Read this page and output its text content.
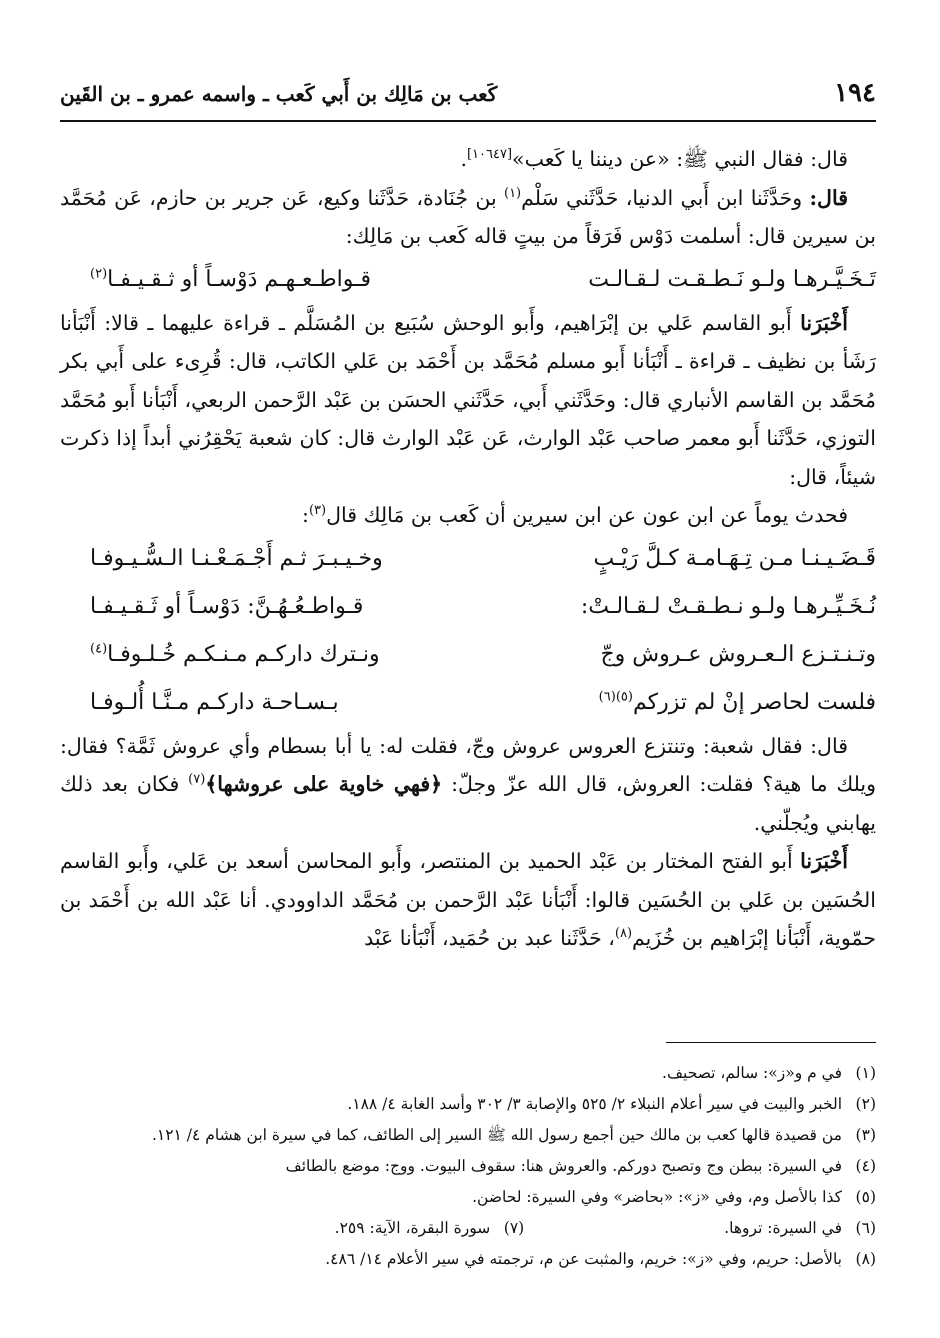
١٩٤
كَعب بن مَالِك بن أَبي كَعب ـ واسمه عمرو ـ بن القَين

قال: فقال النبي ﷺ: «عن ديننا يا كَعب»[١٠٦٤٧].

قال: وحَدَّثَنا ابن أَبي الدنيا، حَدَّثَني سَلْم$^{(١)}$ بن جُنَادة، حَدَّثَنا وكيع، عَن جرير بن حازم، عَن مُحَمَّد بن سيرين قال: أسلمت دَوْس فَرَقاً من بيتٍ قاله كَعب بن مَالِك:

تَـخَـيَّـرهـا ولـو نَـطـقـت لـقـالـت
قـواطـعـهـم دَوْسـاً أو ثـقـيـفـا$^{(٢)}$

أَخْبَرَنا أَبو القاسم عَلي بن إبْرَاهيم، وأَبو الوحش سُبَيع بن المُسَلَّم ـ قراءة عليهما ـ قالا: أَنْبَأنا رَشَأ بن نظيف ـ قراءة ـ أَنْبَأنا أَبو مسلم مُحَمَّد بن أَحْمَد بن عَلي الكاتب، قال: قُرِىء على أَبي بكر مُحَمَّد بن القاسم الأنباري قال: وحَدَّثَني أَبي، حَدَّثَني الحسَن بن عَبْد الرَّحمن الربعي، أَنْبَأنا أَبو مُحَمَّد التوزي، حَدَّثَنا أَبو معمر صاحب عَبْد الوارث، عَن عَبْد الوارث قال: كان شعبة يَحْقِرُني أبداً إذا ذكرت شيئاً، قال:

فحدث يوماً عن ابن عون عن ابن سيرين أن كَعب بن مَالِك قال$^{(٣)}$:

قَـضَـيـنـا مـن تِـهَـامـة كـلَّ رَيْـبٍ
وخـيـبـرَ ثـم أَجْـمَـعْـنـا الـسُّـيـوفـا
نُـخَـيِّـرهـا ولـو نـطـقـتْ لـقـالـتْ:
قـواطـعُـهُـنَّ: دَوْسـاً أو ثَـقـيـفـا
وتـنـتـزع الـعـروش عـروش وجّ
ونـترك داركـم مـنـكـم خُـلـوفـا$^{(٤)}$
فلست لحاصر إنْ لم تزركم$^{(٥)(٦)}$
بـسـاحـة داركـم مـنَّـا أُلـوفـا

قال: فقال شعبة: وتنتزع العروس عروش وجّ، فقلت له: يا أبا بسطام وأي عروش ثَمَّة؟ فقال: ويلك ما هية؟ فقلت: العروش، قال الله عزّ وجلّ: ﴿فهي خاوية على عروشها﴾$^{(٧)}$ فكان بعد ذلك يهابني ويُجلّني.

أَخْبَرَنا أَبو الفتح المختار بن عَبْد الحميد بن المنتصر، وأَبو المحاسن أسعد بن عَلي، وأَبو القاسم الحُسَين بن عَلي بن الحُسَين قالوا: أَنْبَأنا عَبْد الرَّحمن بن مُحَمَّد الداوودي. أنا عَبْد الله بن أَحْمَد بن حمّوية، أَنْبَأنا إبْرَاهيم بن خُزَيم$^{(٨)}$، حَدَّثَنا عبد بن حُمَيد، أَنْبَأنا عَبْد

(١)في م و«ز»: سالم، تصحيف.
(٢)الخبر والبيت في سير أعلام النبلاء ٢/ ٥٢٥ والإصابة ٣/ ٣٠٢ وأسد الغابة ٤/ ١٨٨.
(٣)من قصيدة قالها كعب بن مالك حين أجمع رسول الله ﷺ السير إلى الطائف، كما في سيرة ابن هشام ٤/ ١٢١.
(٤)في السيرة: ببطن وج وتصبح دوركم. والعروش هنا: سقوف البيوت. ووج: موضع بالطائف
(٥)كذا بالأصل وم، وفي «ز»: «بحاضر» وفي السيرة: لحاضن.
(٦)في السيرة: تروها.
(٧)سورة البقرة، الآية: ٢٥٩.
(٨)بالأصل: حريم، وفي «ز»: خريم، والمثبت عن م، ترجمته في سير الأعلام ١٤/ ٤٨٦.
